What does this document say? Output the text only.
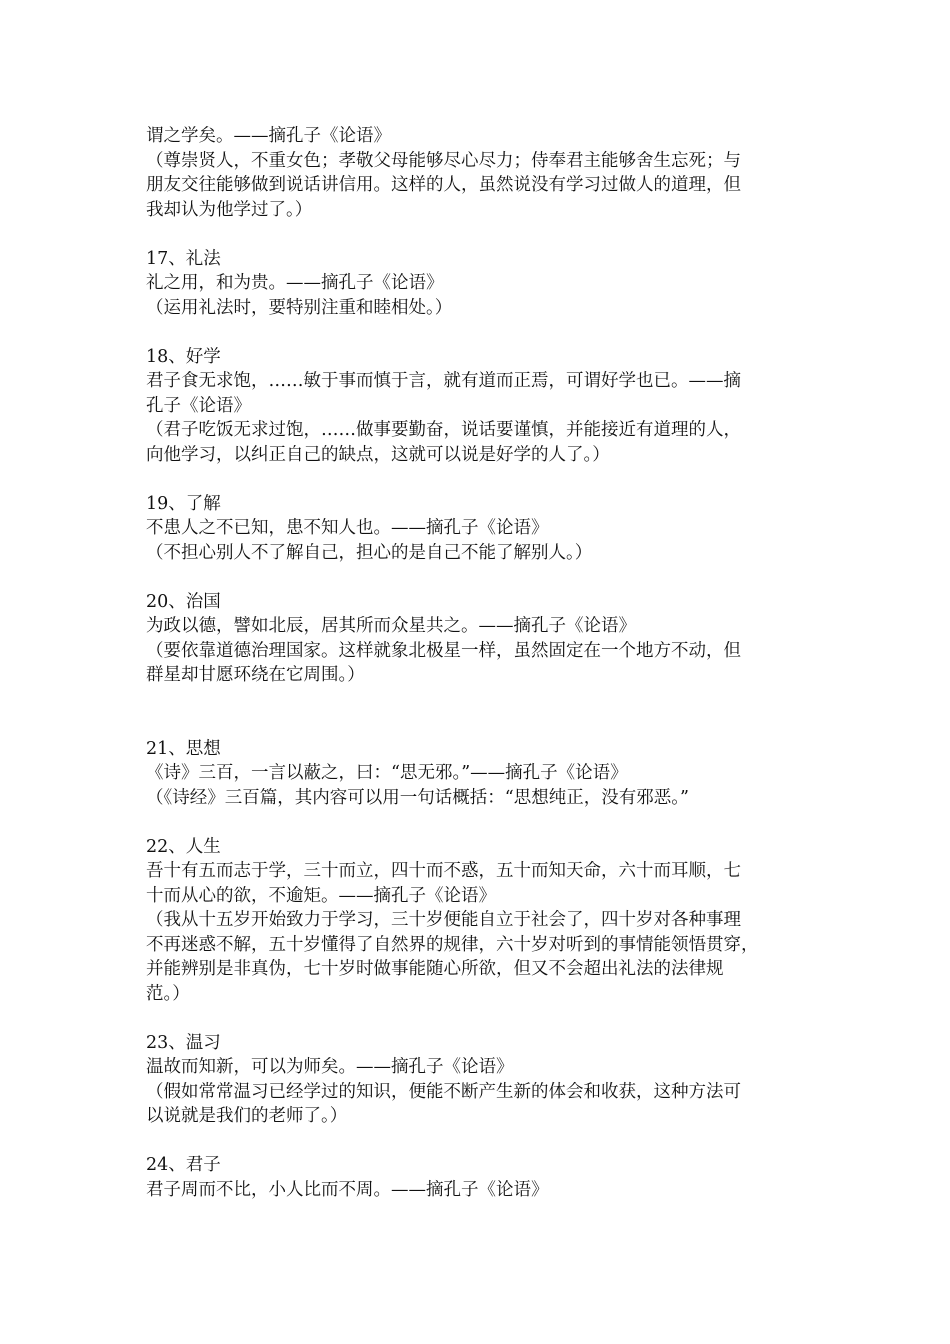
谓之学矣。——摘孔子《论语》
（尊崇贤人，不重女色；孝敬父母能够尽心尽力；侍奉君主能够舍生忘死；与
朋友交往能够做到说话讲信用。这样的人，虽然说没有学习过做人的道理，但
我却认为他学过了。）
17、礼法
礼之用，和为贵。——摘孔子《论语》
（运用礼法时，要特别注重和睦相处。）
18、好学
君子食无求饱，……敏于事而慎于言，就有道而正焉，可谓好学也已。——摘
孔子《论语》
（君子吃饭无求过饱，……做事要勤奋，说话要谨慎，并能接近有道理的人，
向他学习，以纠正自己的缺点，这就可以说是好学的人了。）
19、了解
不患人之不已知，患不知人也。——摘孔子《论语》
（不担心别人不了解自己，担心的是自己不能了解别人。）
20、治国
为政以德，譬如北辰，居其所而众星共之。——摘孔子《论语》
（要依靠道德治理国家。这样就象北极星一样，虽然固定在一个地方不动，但
群星却甘愿环绕在它周围。）
21、思想
《诗》三百，一言以蔽之，曰：“思无邪。”——摘孔子《论语》
（《诗经》三百篇，其内容可以用一句话概括：“思想纯正，没有邪恶。”
22、人生
吾十有五而志于学，三十而立，四十而不惑，五十而知天命，六十而耳顺，七
十而从心的欲，不逾矩。——摘孔子《论语》
（我从十五岁开始致力于学习，三十岁便能自立于社会了，四十岁对各种事理
不再迷惑不解，五十岁懂得了自然界的规律，六十岁对听到的事情能领悟贯穿，
并能辨别是非真伪，七十岁时做事能随心所欲，但又不会超出礼法的法律规
范。）
23、温习
温故而知新，可以为师矣。——摘孔子《论语》
（假如常常温习已经学过的知识，便能不断产生新的体会和收获，这种方法可
以说就是我们的老师了。）
24、君子
君子周而不比，小人比而不周。——摘孔子《论语》
